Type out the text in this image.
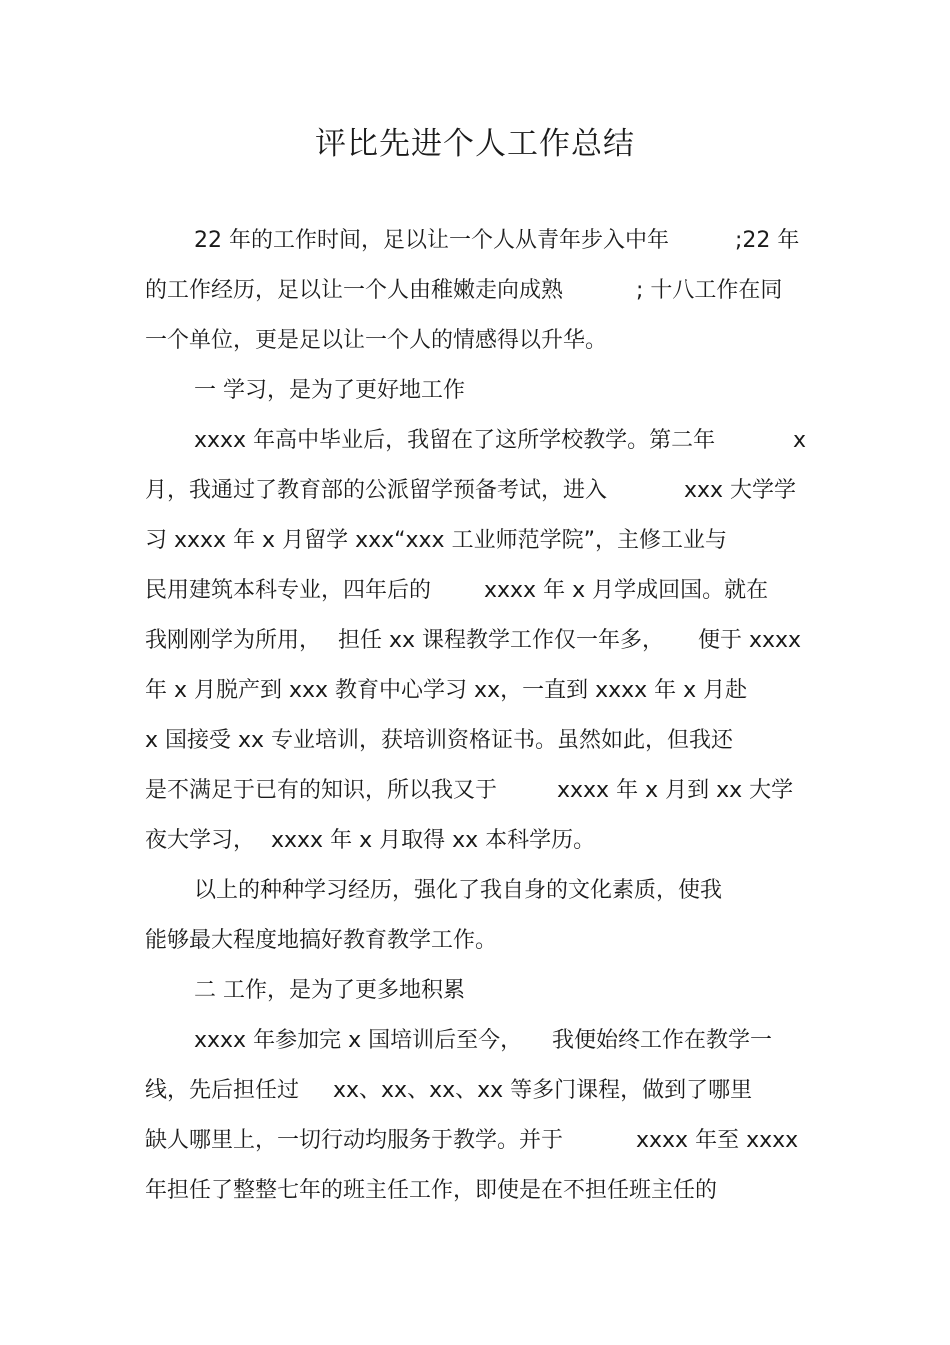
评比先进个人工作总结
22 年的工作时间，足以让一个人从青年步入中年	;22 年
的工作经历，足以让一个人由稚嫩走向成熟	; 十八工作在同
一个单位，更是足以让一个人的情感得以升华。
一 学习，是为了更好地工作
xxxx 年高中毕业后，我留在了这所学校教学。第二年	x
月，我通过了教育部的公派留学预备考试，进入	xxx 大学学
习 xxxx 年 x 月留学 xxx“xxx 工业师范学院”，主修工业与
民用建筑本科专业，四年后的 xxxx 年 x 月学成回国。就在
我刚刚学为所用， 担任 xx 课程教学工作仅一年多， 便于 xxxx
年 x 月脱产到 xxx 教育中心学习 xx，一直到 xxxx 年 x 月赴
x 国接受 xx 专业培训，获培训资格证书。虽然如此，但我还
是不满足于已有的知识，所以我又于	xxxx 年 x 月到 xx 大学
夜大学习， xxxx 年 x 月取得 xx 本科学历。
以上的种种学习经历，强化了我自身的文化素质，使我
能够最大程度地搞好教育教学工作。
二 工作，是为了更多地积累
xxxx 年参加完 x 国培训后至今， 我便始终工作在教学一
线，先后担任过 xx、xx、xx、xx 等多门课程，做到了哪里
缺人哪里上，一切行动均服务于教学。并于	xxxx 年至 xxxx
年担任了整整七年的班主任工作，即使是在不担任班主任的
